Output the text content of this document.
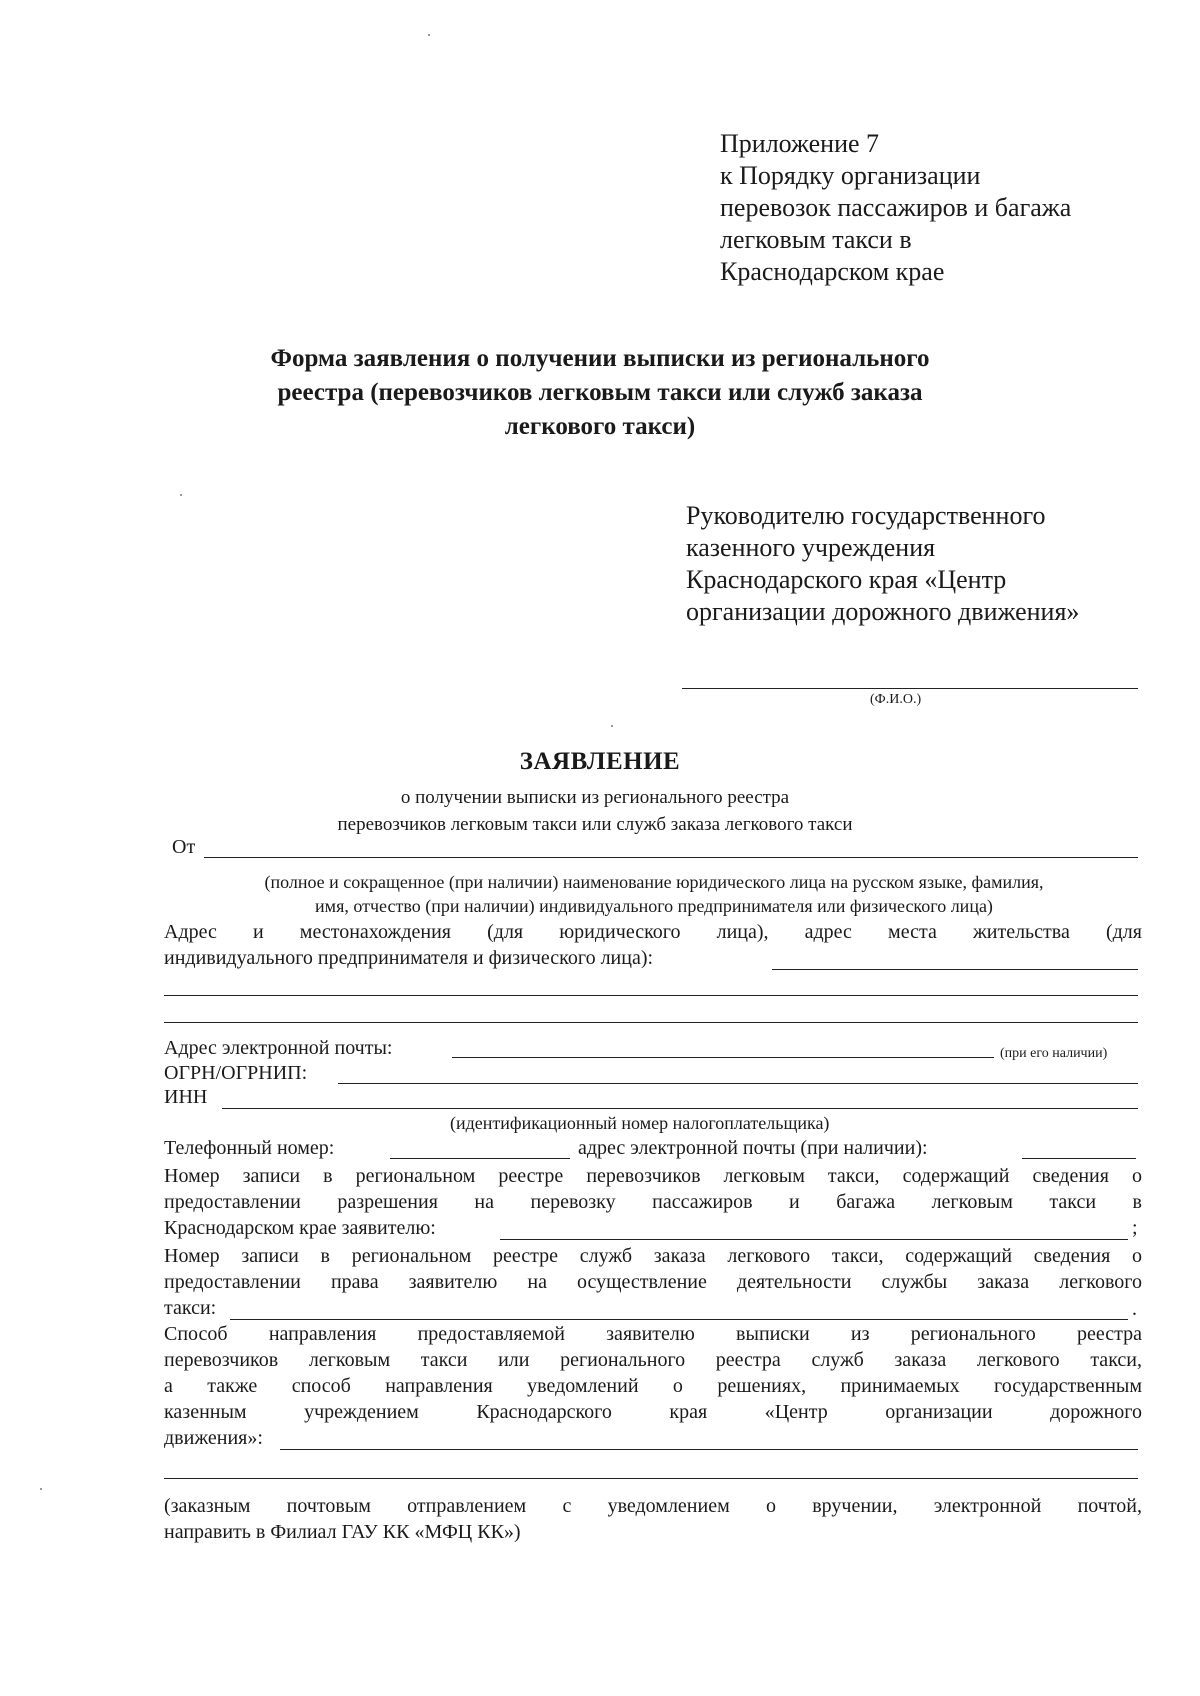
Приложение 7
к Порядку организации
перевозок пассажиров и багажа
легковым такси в
Краснодарском крае
Форма заявления о получении выписки из регионального
реестра (перевозчиков легковым такси или служб заказа
легкового такси)
Руководителю государственного
казенного учреждения
Краснодарского края «Центр
организации дорожного движения»
(Ф.И.О.)
ЗАЯВЛЕНИЕ
о получении выписки из регионального реестра
перевозчиков легковым такси или служб заказа легкового такси
От
(полное и сокращенное (при наличии) наименование юридического лица на русском языке, фамилия,
имя, отчество (при наличии) индивидуального предпринимателя или физического лица)
Адрес и местонахождения (для юридического лица), адрес места жительства (для
индивидуального предпринимателя и физического лица):
Адрес электронной почты:	(при его наличии)
ОГРН/ОГРНИП:
ИНН
(идентификационный номер налогоплательщика)
Телефонный номер:	адрес электронной почты (при наличии):
Номер записи в региональном реестре перевозчиков легковым такси, содержащий сведения о
предоставлении разрешения на перевозку пассажиров и багажа легковым такси в
Краснодарском крае заявителю:	;
Номер записи в региональном реестре служб заказа легкового такси, содержащий сведения о
предоставлении права заявителю на осуществление деятельности службы заказа легкового
такси:	.
Способ направления предоставляемой заявителю выписки из регионального реестра
перевозчиков легковым такси или регионального реестра служб заказа легкового такси,
а также способ направления уведомлений о решениях, принимаемых государственным
казенным учреждением Краснодарского края «Центр организации дорожного
движения»:
(заказным почтовым отправлением с уведомлением о вручении, электронной почтой,
направить в Филиал ГАУ КК «МФЦ КК»)
